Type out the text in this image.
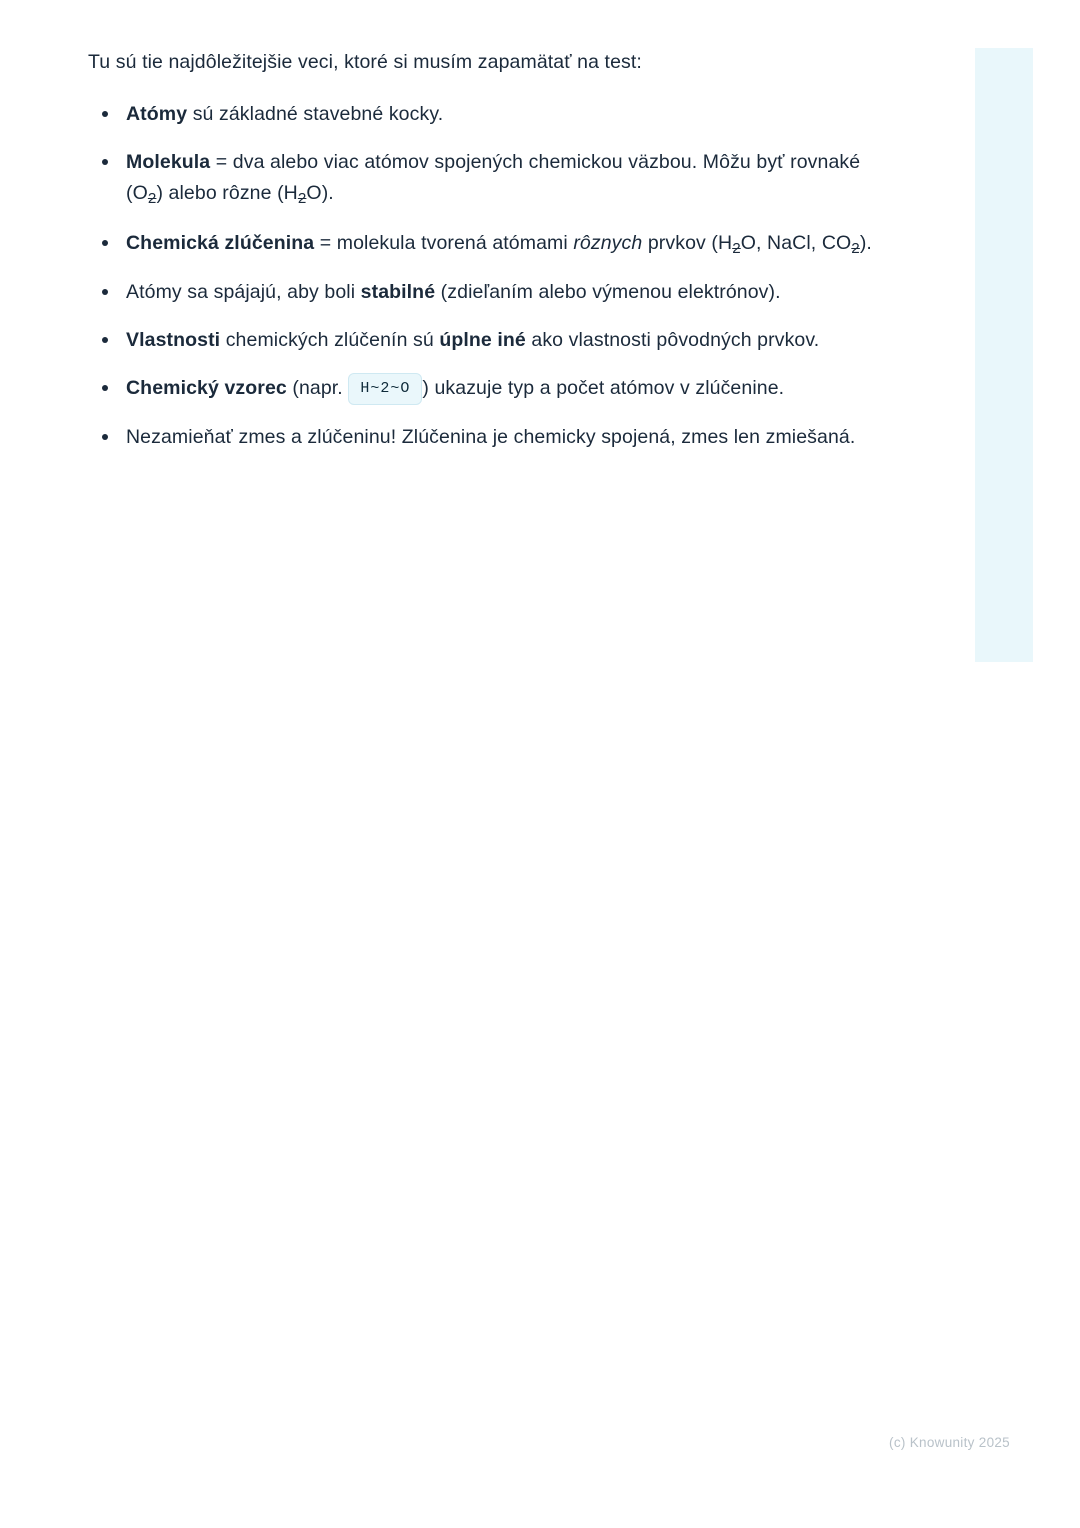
Tu sú tie najdôležitejšie veci, ktoré si musím zapamätať na test:

Atómy sú základné stavebné kocky.
Molekula = dva alebo viac atómov spojených chemickou väzbou. Môžu byť rovnaké $(O_2)$ alebo rôzne $(H_2O)$.
Chemická zlúčenina = molekula tvorená atómami rôznych prvkov ($H_2O$, NaCl, $CO_2$).
Atómy sa spájajú, aby boli stabilné (zdieľaním alebo výmenou elektrónov).
Vlastnosti chemických zlúčenín sú úplne iné ako vlastnosti pôvodných prvkov.
Chemický vzorec (napr. H~2~O ) ukazuje typ a počet atómov v zlúčenine.
Nezamieňať zmes a zlúčeninu! Zlúčenina je chemicky spojená, zmes len zmiešaná.
(c) Knowunity 2025
